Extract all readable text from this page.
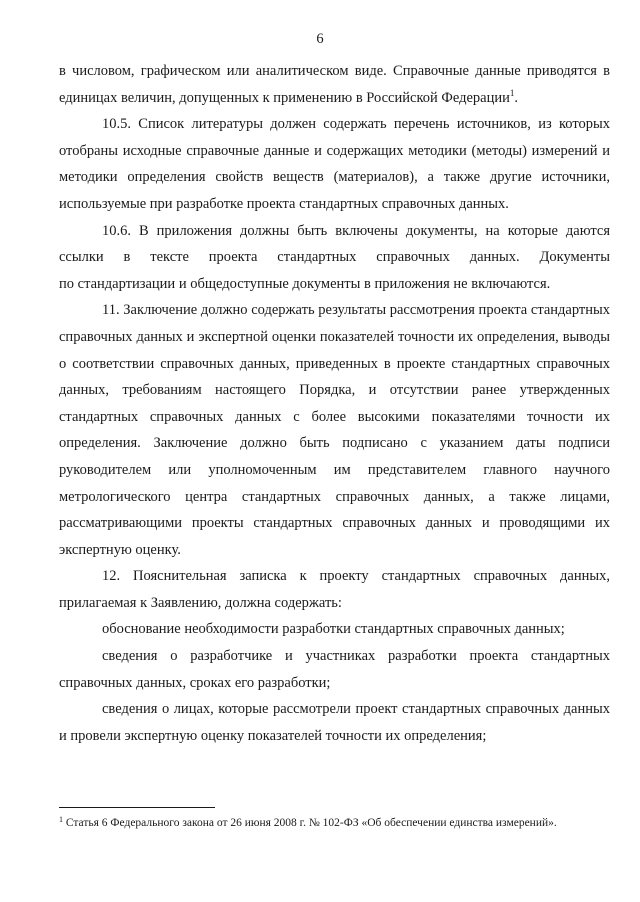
6

в числовом, графическом или аналитическом виде. Справочные данные приводятся в единицах величин, допущенных к применению в Российской Федерации$^1$.

10.5. Список литературы должен содержать перечень источников, из которых отобраны исходные справочные данные и содержащих методики (методы) измерений и методики определения свойств веществ (материалов), а также другие источники, используемые при разработке проекта стандартных справочных данных.

10.6. В приложения должны быть включены документы, на которые даются ссылки в тексте проекта стандартных справочных данных. Документы

по стандартизации и общедоступные документы в приложения не включаются.

11. Заключение должно содержать результаты рассмотрения проекта стандартных справочных данных и экспертной оценки показателей точности их определения, выводы о соответствии справочных данных, приведенных в проекте стандартных справочных данных, требованиям настоящего Порядка, и отсутствии ранее утвержденных стандартных справочных данных с более высокими показателями точности их определения. Заключение должно быть подписано с указанием даты подписи руководителем или уполномоченным им представителем главного научного метрологического центра стандартных справочных данных, а также лицами, рассматривающими проекты стандартных справочных данных и проводящими их экспертную оценку.

12. Пояснительная записка к проекту стандартных справочных данных, прилагаемая к Заявлению, должна содержать:

обоснование необходимости разработки стандартных справочных данных;

сведения о разработчике и участниках разработки проекта стандартных справочных данных, сроках его разработки;

сведения о лицах, которые рассмотрели проект стандартных справочных данных и провели экспертную оценку показателей точности их определения;

$^1$ Статья 6 Федерального закона от 26 июня 2008 г. № 102-ФЗ «Об обеспечении единства измерений».
